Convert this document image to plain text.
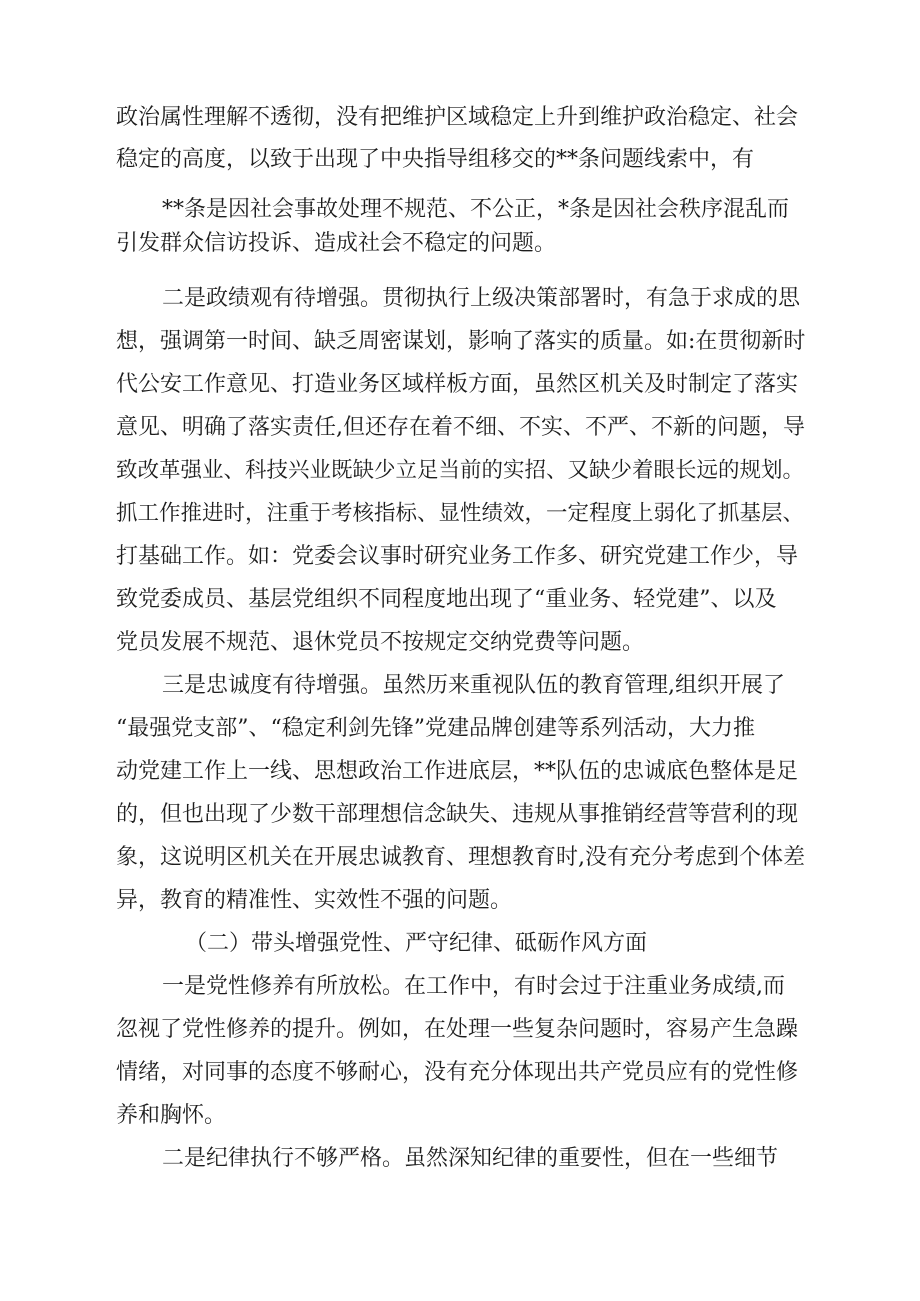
政治属性理解不透彻，没有把维护区域稳定上升到维护政治稳定、社会
稳定的高度，以致于出现了中央指导组移交的**条问题线索中，有
**条是因社会事故处理不规范、不公正，*条是因社会秩序混乱而
引发群众信访投诉、造成社会不稳定的问题。
二是政绩观有待增强。贯彻执行上级决策部署时，有急于求成的思
想，强调第一时间、缺乏周密谋划，影响了落实的质量。如:在贯彻新时
代公安工作意见、打造业务区域样板方面，虽然区机关及时制定了落实
意见、明确了落实责任,但还存在着不细、不实、不严、不新的问题，导
致改革强业、科技兴业既缺少立足当前的实招、又缺少着眼长远的规划。
抓工作推进时，注重于考核指标、显性绩效，一定程度上弱化了抓基层、
打基础工作。如：党委会议事时研究业务工作多、研究党建工作少，导
致党委成员、基层党组织不同程度地出现了“重业务、轻党建”、以及
党员发展不规范、退休党员不按规定交纳党费等问题。
三是忠诚度有待增强。虽然历来重视队伍的教育管理,组织开展了
“最强党支部”、“稳定利剑先锋”党建品牌创建等系列活动，大力推
动党建工作上一线、思想政治工作进底层，**队伍的忠诚底色整体是足
的，但也出现了少数干部理想信念缺失、违规从事推销经营等营利的现
象，这说明区机关在开展忠诚教育、理想教育时,没有充分考虑到个体差
异，教育的精准性、实效性不强的问题。
（二）带头增强党性、严守纪律、砥砺作风方面
一是党性修养有所放松。在工作中，有时会过于注重业务成绩,而
忽视了党性修养的提升。例如，在处理一些复杂问题时，容易产生急躁
情绪，对同事的态度不够耐心，没有充分体现出共产党员应有的党性修
养和胸怀。
二是纪律执行不够严格。虽然深知纪律的重要性，但在一些细节
